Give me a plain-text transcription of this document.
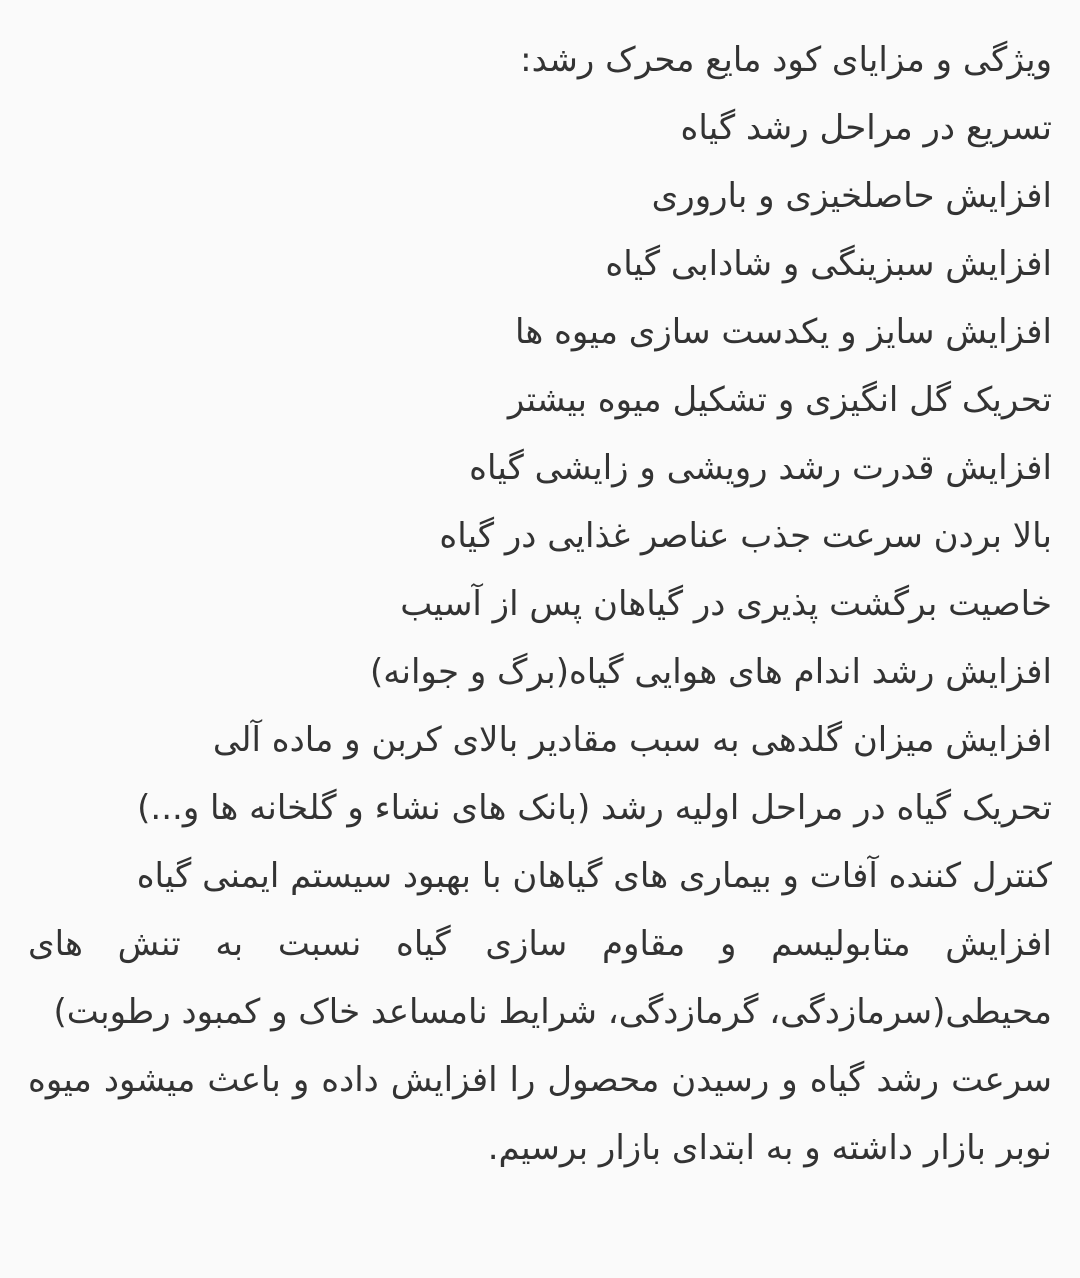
ویژگی و مزایای کود مایع محرک رشد:

تسریع در مراحل رشد گیاه

افزایش حاصلخیزی و باروری

افزایش سبزینگی و شادابی گیاه

افزایش سایز و یکدست سازی میوه ها

تحریک گل انگیزی و تشکیل میوه بیشتر

افزایش قدرت رشد رویشی و زایشی گیاه

بالا بردن سرعت جذب عناصر غذایی در گیاه

خاصیت برگشت پذیری در گیاهان پس از آسیب

افزایش رشد اندام های هوایی گیاه(برگ و جوانه)

افزایش میزان گلدهی به سبب مقادیر بالای کربن و ماده آلی

تحریک گیاه در مراحل اولیه رشد (بانک های نشاء و گلخانه ها و...)

کنترل کننده آفات و بیماری های گیاهان با بهبود سیستم ایمنی گیاه

افزایش متابولیسم و مقاوم سازی گیاه نسبت به تنش های محیطی(سرمازدگی، گرمازدگی، شرایط نامساعد خاک و کمبود رطوبت)

سرعت رشد گیاه و رسیدن محصول را افزایش داده و باعث میشود میوه نوبر بازار داشته و به ابتدای بازار برسیم.
